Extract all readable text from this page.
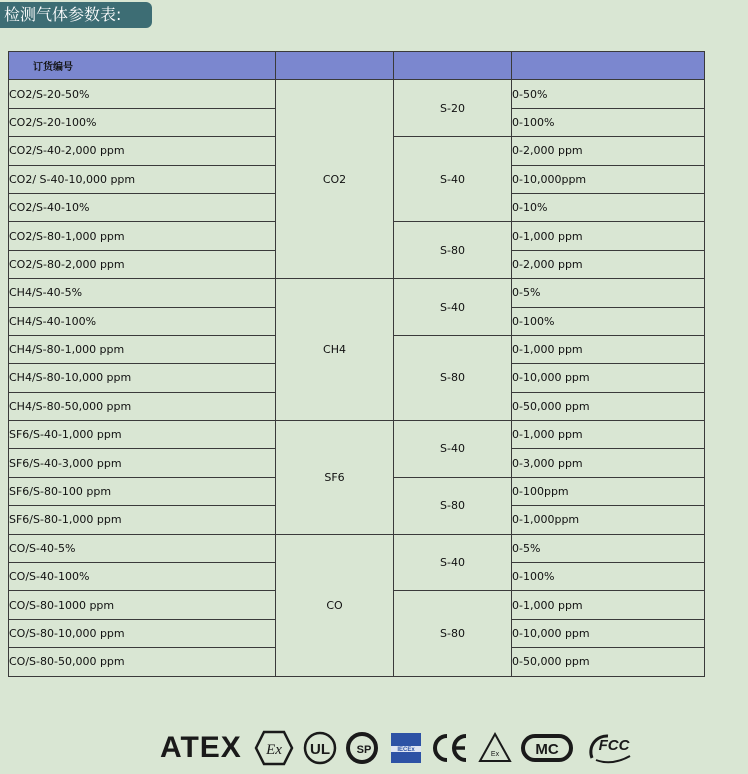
检测气体参数表:
订货编号			
CO2/S-20-50%	CO2	S-20	0-50%
CO2/S-20-100%			0-100%
CO2/S-40-2,000 ppm		S-40	0-2,000 ppm
CO2/ S-40-10,000 ppm			0-10,000ppm
CO2/S-40-10%			0-10%
CO2/S-80-1,000 ppm		S-80	0-1,000 ppm
CO2/S-80-2,000 ppm			0-2,000 ppm
CH4/S-40-5%	CH4	S-40	0-5%
CH4/S-40-100%			0-100%
CH4/S-80-1,000 ppm		S-80	0-1,000 ppm
CH4/S-80-10,000 ppm			0-10,000 ppm
CH4/S-80-50,000 ppm			0-50,000 ppm
SF6/S-40-1,000 ppm	SF6	S-40	0-1,000 ppm
SF6/S-40-3,000 ppm			0-3,000 ppm
SF6/S-80-100 ppm		S-80	0-100ppm
SF6/S-80-1,000 ppm			0-1,000ppm
CO/S-40-5%	CO	S-40	0-5%
CO/S-40-100%			0-100%
CO/S-80-1000 ppm		S-80	0-1,000 ppm
CO/S-80-10,000 ppm			0-10,000 ppm
CO/S-80-50,000 ppm			0-50,000 ppm
ATEX Ex UL SP	IECEx
Ex MC	FCC
